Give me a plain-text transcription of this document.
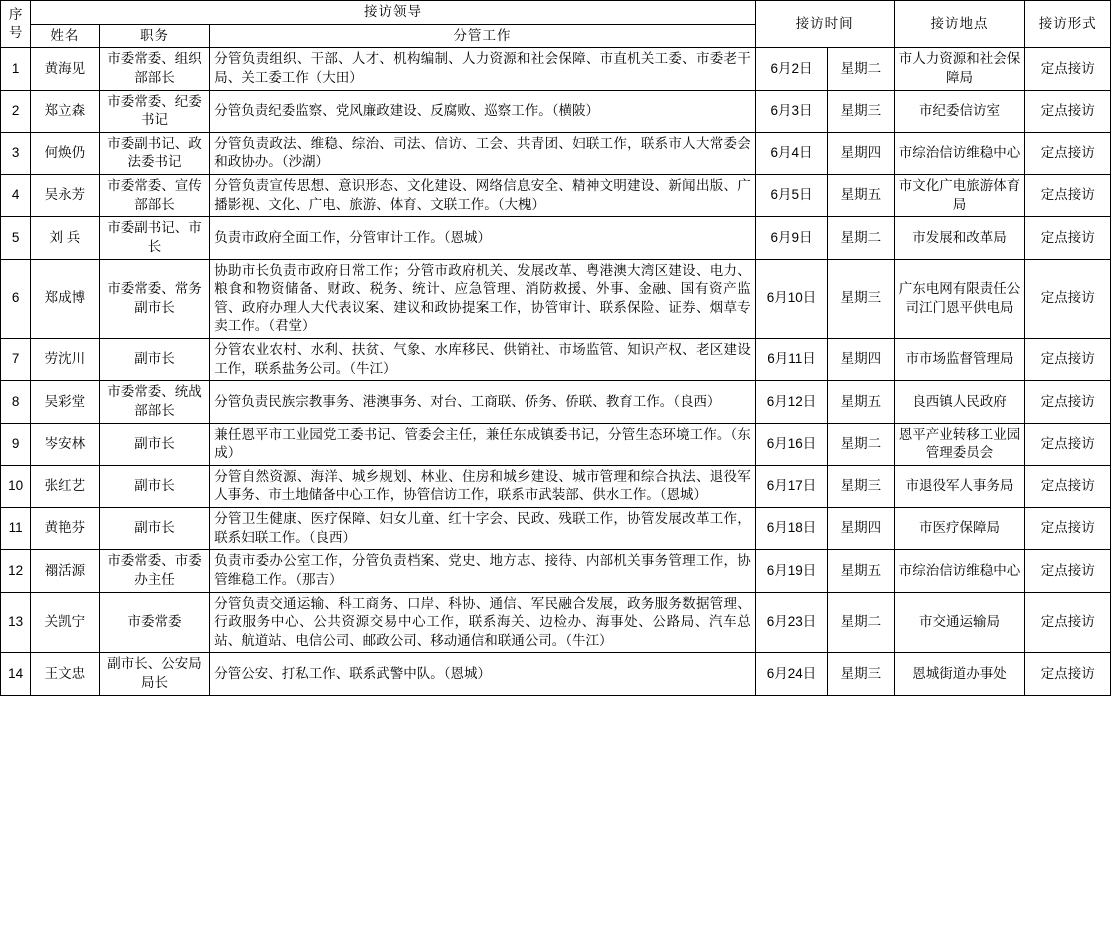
序号	接访领导			接访时间		接访地点	接访形式
	姓名	职务	分管工作				
1	黄海见	市委常委、组织部部长	分管负责组织、干部、人才、机构编制、人力资源和社会保障、市直机关工委、市委老干局、关工委工作（大田）	6月2日	星期二	市人力资源和社会保障局	定点接访
2	郑立森	市委常委、纪委书记	分管负责纪委监察、党风廉政建设、反腐败、巡察工作。（横陂）	6月3日	星期三	市纪委信访室	定点接访
3	何焕仍	市委副书记、政法委书记	分管负责政法、维稳、综治、司法、信访、工会、共青团、妇联工作，联系市人大常委会和政协办。（沙湖）	6月4日	星期四	市综治信访维稳中心	定点接访
4	吴永芳	市委常委、宣传部部长	分管负责宣传思想、意识形态、文化建设、网络信息安全、精神文明建设、新闻出版、广播影视、文化、广电、旅游、体育、文联工作。（大槐）	6月5日	星期五	市文化广电旅游体育局	定点接访
5	刘 兵	市委副书记、市长	负责市政府全面工作，分管审计工作。（恩城）	6月9日	星期二	市发展和改革局	定点接访
6	郑成博	市委常委、常务副市长	协助市长负责市政府日常工作；分管市政府机关、发展改革、粤港澳大湾区建设、电力、粮食和物资储备、财政、税务、统计、应急管理、消防救援、外事、金融、国有资产监管、政府办理人大代表议案、建议和政协提案工作，协管审计、联系保险、证券、烟草专卖工作。（君堂）	6月10日	星期三	广东电网有限责任公司江门恩平供电局	定点接访
7	劳沈川	副市长	分管农业农村、水利、扶贫、气象、水库移民、供销社、市场监管、知识产权、老区建设工作，联系盐务公司。（牛江）	6月11日	星期四	市市场监督管理局	定点接访
8	吴彩堂	市委常委、统战部部长	分管负责民族宗教事务、港澳事务、对台、工商联、侨务、侨联、教育工作。（良西）	6月12日	星期五	良西镇人民政府	定点接访
9	岑安林	副市长	兼任恩平市工业园党工委书记、管委会主任，兼任东成镇委书记，分管生态环境工作。（东成）	6月16日	星期二	恩平产业转移工业园管理委员会	定点接访
10	张红艺	副市长	分管自然资源、海洋、城乡规划、林业、住房和城乡建设、城市管理和综合执法、退役军人事务、市土地储备中心工作，协管信访工作，联系市武装部、供水工作。（恩城）	6月17日	星期三	市退役军人事务局	定点接访
11	黄艳芬	副市长	分管卫生健康、医疗保障、妇女儿童、红十字会、民政、残联工作，协管发展改革工作，联系妇联工作。（良西）	6月18日	星期四	市医疗保障局	定点接访
12	禤活源	市委常委、市委办主任	负责市委办公室工作，分管负责档案、党史、地方志、接待、内部机关事务管理工作，协管维稳工作。（那吉）	6月19日	星期五	市综治信访维稳中心	定点接访
13	关凯宁	市委常委	分管负责交通运输、科工商务、口岸、科协、通信、军民融合发展，政务服务数据管理、行政服务中心、公共资源交易中心工作，联系海关、边检办、海事处、公路局、汽车总站、航道站、电信公司、邮政公司、移动通信和联通公司。（牛江）	6月23日	星期二	市交通运输局	定点接访
14	王文忠	副市长、公安局局长	分管公安、打私工作、联系武警中队。（恩城）	6月24日	星期三	恩城街道办事处	定点接访
